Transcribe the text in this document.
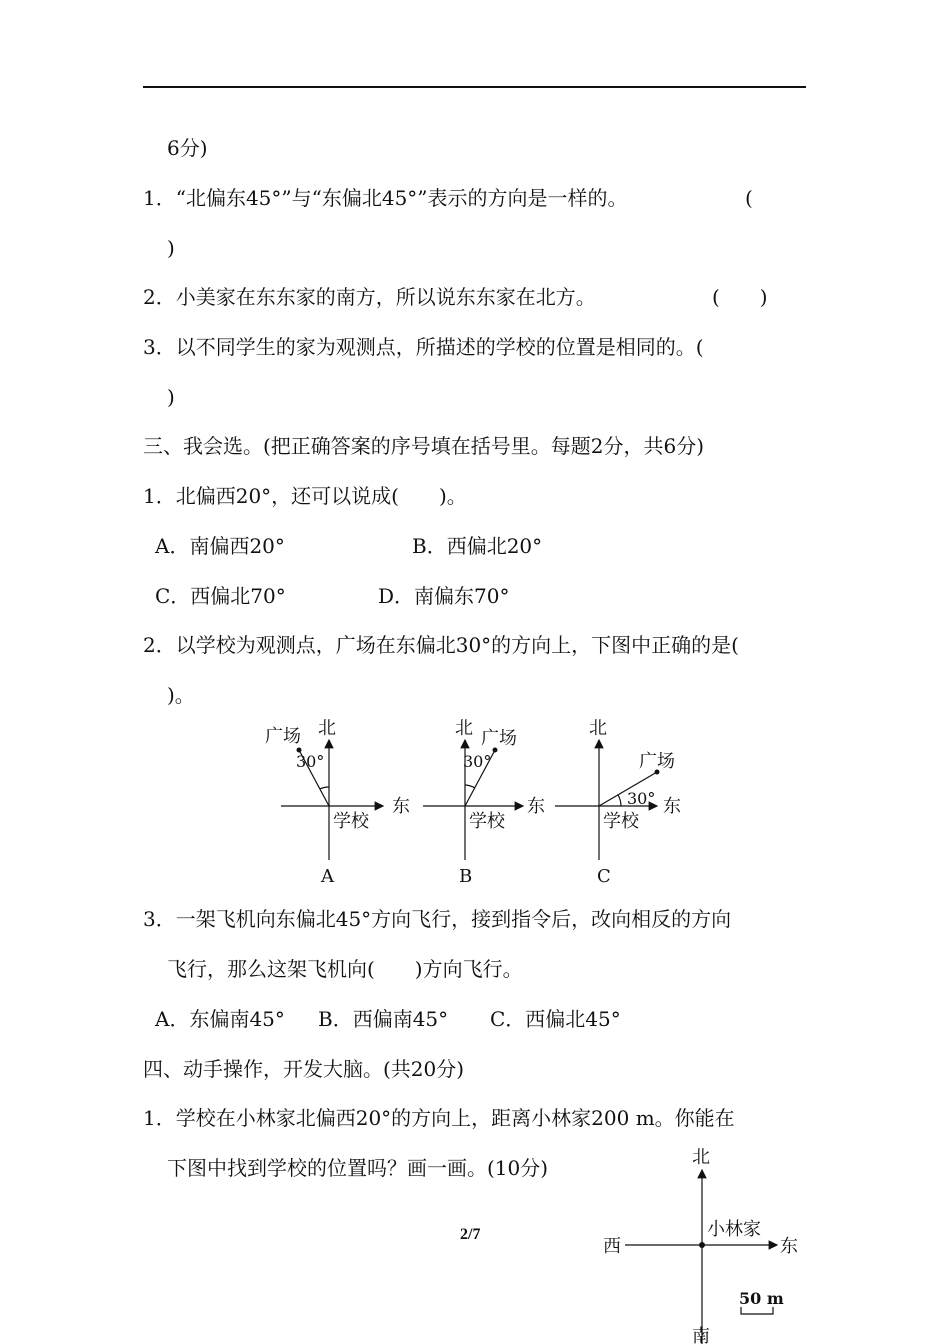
6分)
1．“北偏东45°”与“东偏北45°”表示的方向是一样的。	(
)
2．小美家在东东家的南方，所以说东东家在北方。	(　　)
3．以不同学生的家为观测点，所描述的学校的位置是相同的。(
)
三、我会选。(把正确答案的序号填在括号里。每题2分，共6分)
1．北偏西20°，还可以说成(　　)。
A．南偏西20°	B．西偏北20°
C．西偏北70°	D．南偏东70°
2．以学校为观测点，广场在东偏北30°的方向上，下图中正确的是(
)。
北
广场
30°
东
学校
A
北 广场
30°
东
学校
B
北
广场
30° 东
学校
C
3．一架飞机向东偏北45°方向飞行，接到指令后，改向相反的方向
飞行，那么这架飞机向(　　)方向飞行。
A．东偏南45° B．西偏南45° C．西偏北45°
四、动手操作，开发大脑。(共20分)
1．学校在小林家北偏西20°的方向上，距离小林家200 m。你能在
下图中找到学校的位置吗？画一画。(10分)	北
东
西
南
小林家
50 m
2/7
